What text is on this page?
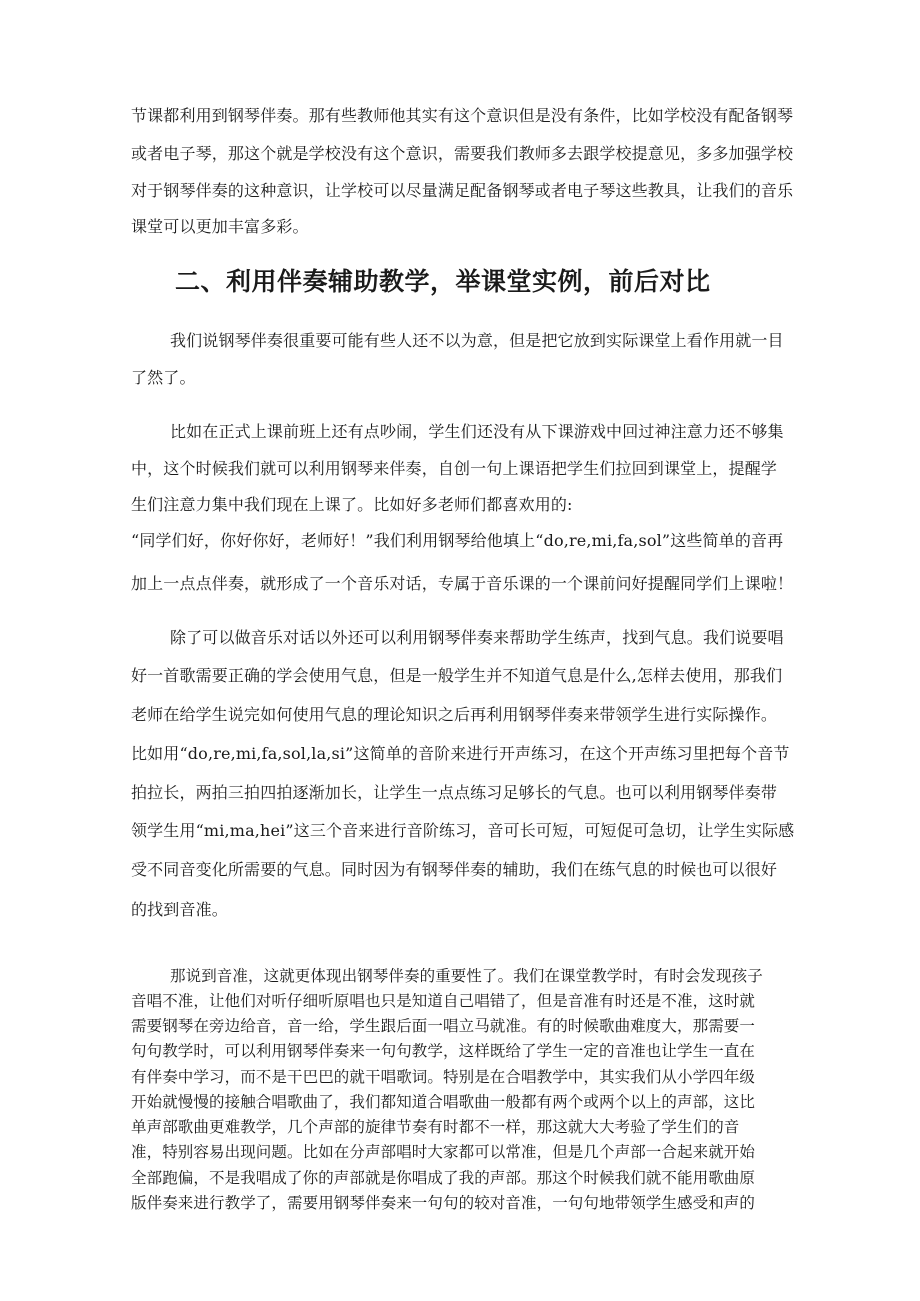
节课都利用到钢琴伴奏。那有些教师他其实有这个意识但是没有条件，比如学校没有配备钢琴
或者电子琴，那这个就是学校没有这个意识，需要我们教师多去跟学校提意见，多多加强学校
对于钢琴伴奏的这种意识，让学校可以尽量满足配备钢琴或者电子琴这些教具，让我们的音乐
课堂可以更加丰富多彩。
二、利用伴奏辅助教学，举课堂实例，前后对比
我们说钢琴伴奏很重要可能有些人还不以为意，但是把它放到实际课堂上看作用就一目
了然了。
比如在正式上课前班上还有点吵闹，学生们还没有从下课游戏中回过神注意力还不够集
中，这个时候我们就可以利用钢琴来伴奏，自创一句上课语把学生们拉回到课堂上，提醒学
生们注意力集中我们现在上课了。比如好多老师们都喜欢用的:
“同学们好，你好你好，老师好！”我们利用钢琴给他填上“do,re,mi,fa,sol”这些简单的音再
加上一点点伴奏，就形成了一个音乐对话，专属于音乐课的一个课前问好提醒同学们上课啦！
除了可以做音乐对话以外还可以利用钢琴伴奏来帮助学生练声，找到气息。我们说要唱
好一首歌需要正确的学会使用气息，但是一般学生并不知道气息是什么,怎样去使用，那我们
老师在给学生说完如何使用气息的理论知识之后再利用钢琴伴奏来带领学生进行实际操作。
比如用“do,re,mi,fa,sol,la,si”这简单的音阶来进行开声练习，在这个开声练习里把每个音节
拍拉长，两拍三拍四拍逐渐加长，让学生一点点练习足够长的气息。也可以利用钢琴伴奏带
领学生用“mi,ma,hei”这三个音来进行音阶练习，音可长可短，可短促可急切，让学生实际感
受不同音变化所需要的气息。同时因为有钢琴伴奏的辅助，我们在练气息的时候也可以很好
的找到音准。
那说到音准，这就更体现出钢琴伴奏的重要性了。我们在课堂教学时，有时会发现孩子
音唱不准，让他们对听仔细听原唱也只是知道自己唱错了，但是音准有时还是不准，这时就
需要钢琴在旁边给音，音一给，学生跟后面一唱立马就准。有的时候歌曲难度大，那需要一
句句教学时，可以利用钢琴伴奏来一句句教学，这样既给了学生一定的音准也让学生一直在
有伴奏中学习，而不是干巴巴的就干唱歌词。特别是在合唱教学中，其实我们从小学四年级
开始就慢慢的接触合唱歌曲了，我们都知道合唱歌曲一般都有两个或两个以上的声部，这比
单声部歌曲更难教学，几个声部的旋律节奏有时都不一样，那这就大大考验了学生们的音
准，特别容易出现问题。比如在分声部唱时大家都可以常准，但是几个声部一合起来就开始
全部跑偏，不是我唱成了你的声部就是你唱成了我的声部。那这个时候我们就不能用歌曲原
版伴奏来进行教学了，需要用钢琴伴奏来一句句的较对音准，一句句地带领学生感受和声的
